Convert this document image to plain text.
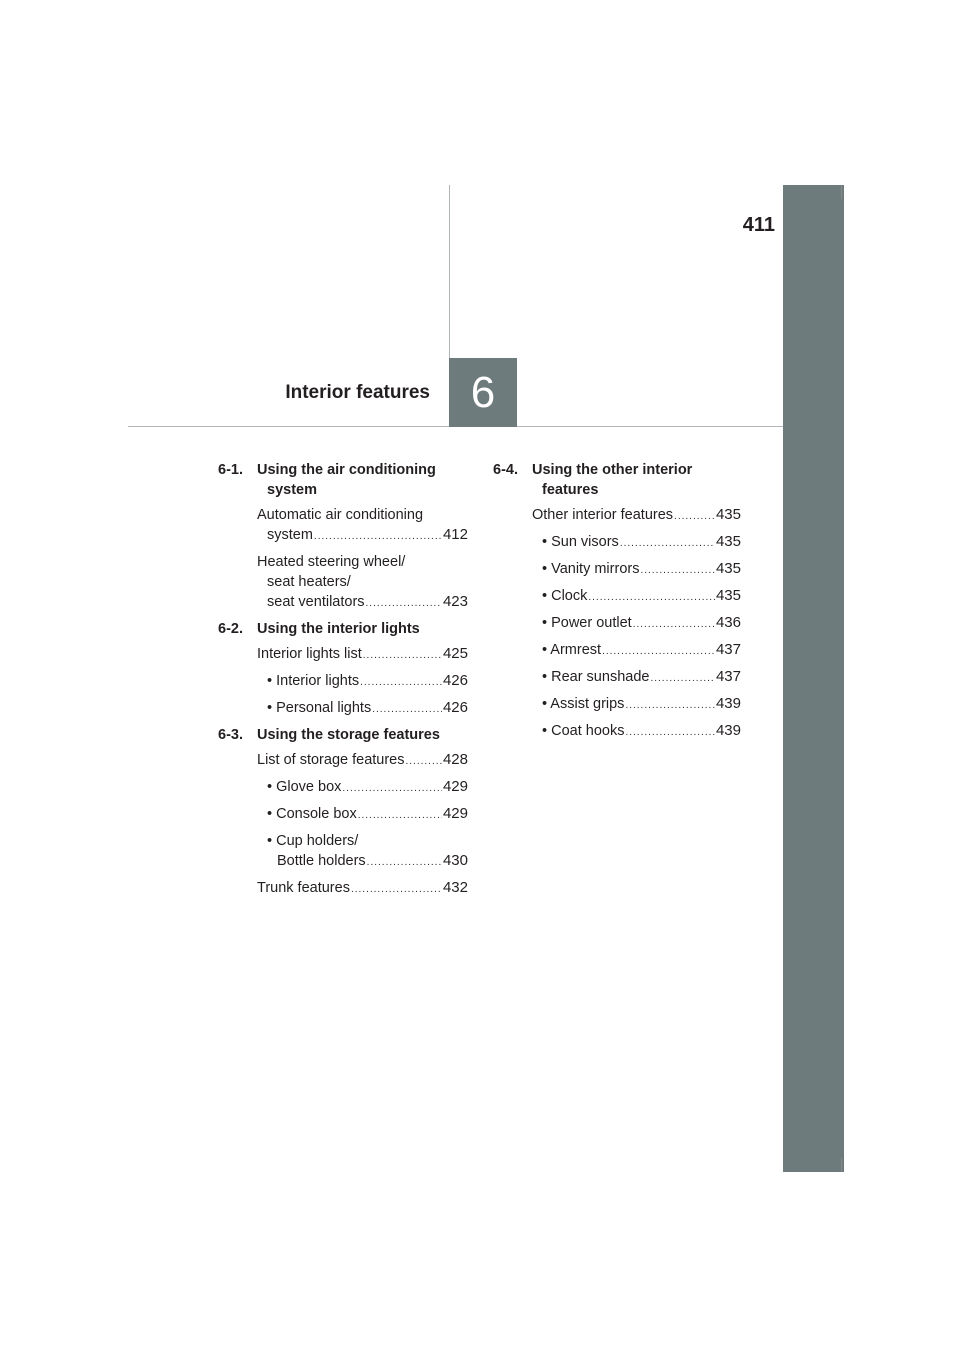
411
Interior features 6
6-1. Using the air conditioning
system
Automatic air conditioning
system .....	412
Heated steering wheel/
seat heaters/
seat ventilators .....	423
6-2. Using the interior lights
Interior lights list .....	425
• Interior lights .....	426
• Personal lights .....	426
6-3. Using the storage features
List of storage features .....	428
• Glove box .....	429
• Console box .....	429
• Cup holders/
Bottle holders .....	430
Trunk features .....	432
6-4. Using the other interior
features
Other interior features .....	435
• Sun visors .....	435
• Vanity mirrors .....	435
• Clock .....	435
• Power outlet .....	436
• Armrest .....	437
• Rear sunshade .....	437
• Assist grips .....	439
• Coat hooks .....	439
